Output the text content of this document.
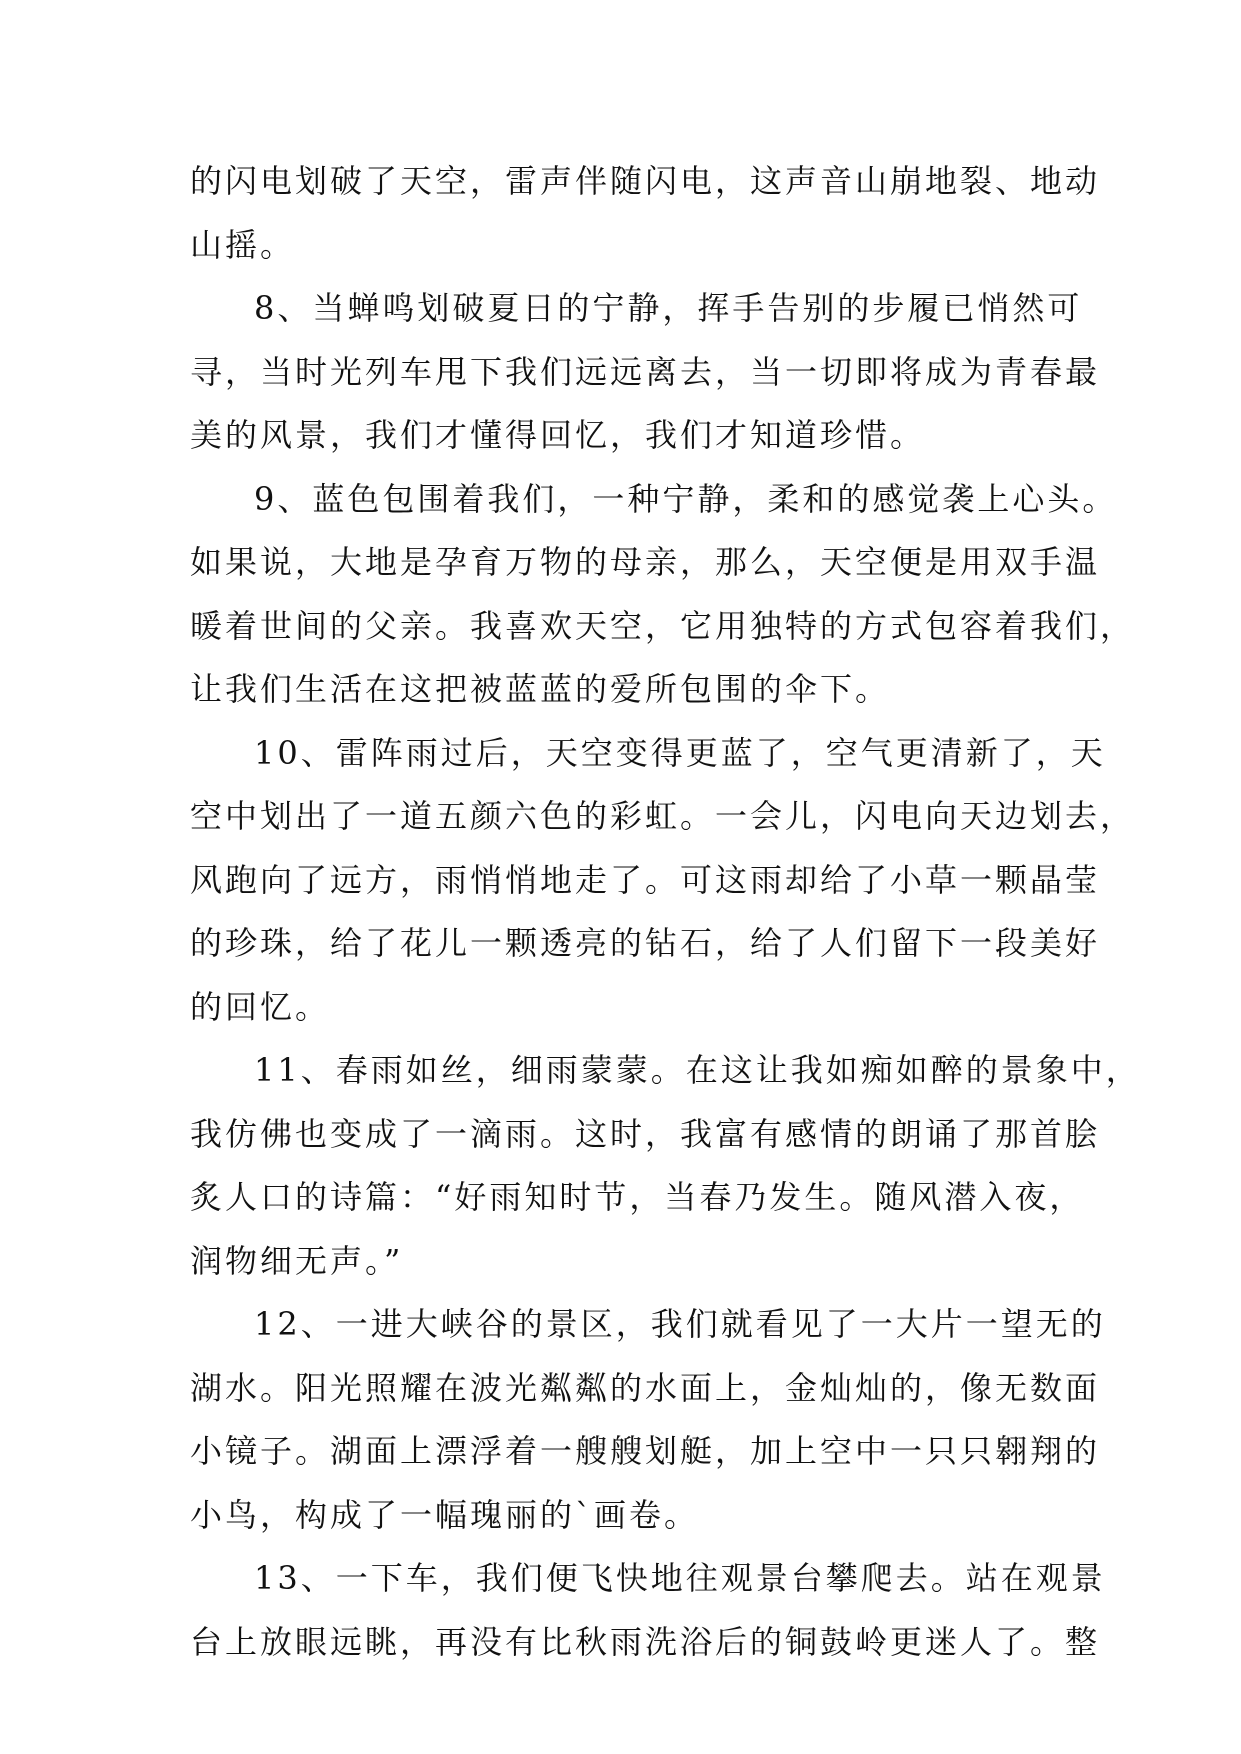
的闪电划破了天空，雷声伴随闪电，这声音山崩地裂、地动
山摇。
8、当蝉鸣划破夏日的宁静，挥手告别的步履已悄然可
寻，当时光列车甩下我们远远离去，当一切即将成为青春最
美的风景，我们才懂得回忆，我们才知道珍惜。
9、蓝色包围着我们，一种宁静，柔和的感觉袭上心头。
如果说，大地是孕育万物的母亲，那么，天空便是用双手温
暖着世间的父亲。我喜欢天空，它用独特的方式包容着我们，
让我们生活在这把被蓝蓝的爱所包围的伞下。
10、雷阵雨过后，天空变得更蓝了，空气更清新了，天
空中划出了一道五颜六色的彩虹。一会儿，闪电向天边划去，
风跑向了远方，雨悄悄地走了。可这雨却给了小草一颗晶莹
的珍珠，给了花儿一颗透亮的钻石，给了人们留下一段美好
的回忆。
11、春雨如丝，细雨蒙蒙。在这让我如痴如醉的景象中，
我仿佛也变成了一滴雨。这时，我富有感情的朗诵了那首脍
炙人口的诗篇：“好雨知时节，当春乃发生。随风潜入夜，
润物细无声。”
12、一进大峡谷的景区，我们就看见了一大片一望无的
湖水。阳光照耀在波光粼粼的水面上，金灿灿的，像无数面
小镜子。湖面上漂浮着一艘艘划艇，加上空中一只只翱翔的
小鸟，构成了一幅瑰丽的`画卷。
13、一下车，我们便飞快地往观景台攀爬去。站在观景
台上放眼远眺，再没有比秋雨洗浴后的铜鼓岭更迷人了。整
